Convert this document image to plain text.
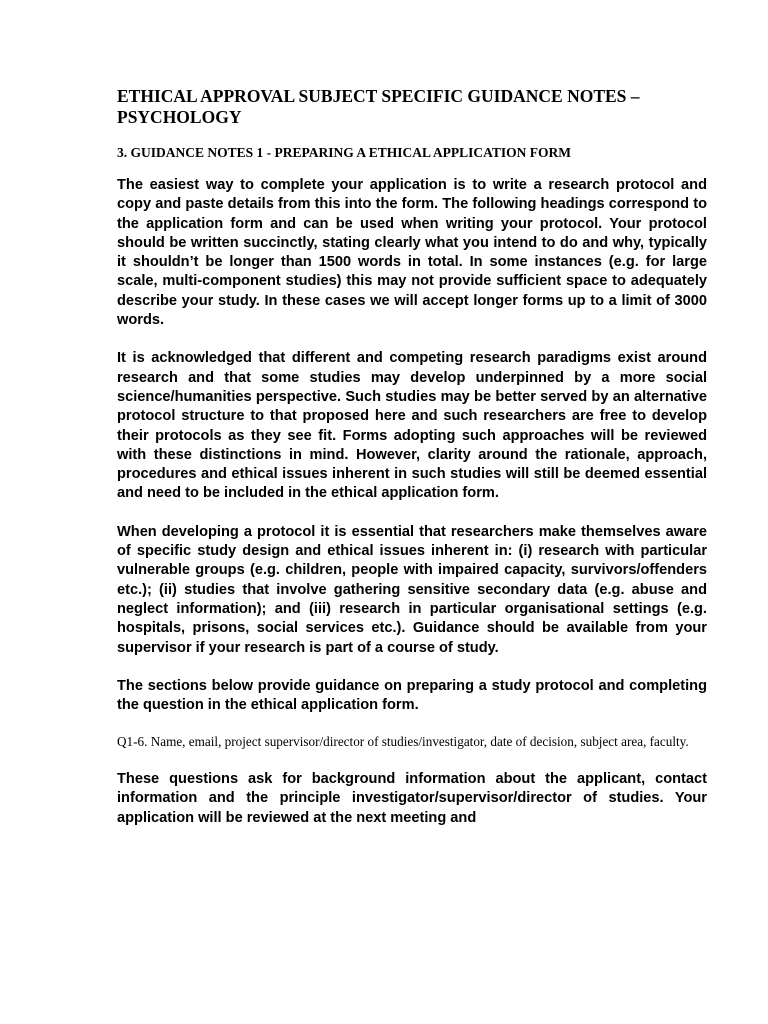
ETHICAL APPROVAL SUBJECT SPECIFIC GUIDANCE NOTES – PSYCHOLOGY
3. GUIDANCE NOTES 1 - PREPARING A ETHICAL APPLICATION FORM

The easiest way to complete your application is to write a research protocol and copy and paste details from this into the form. The following headings correspond to the application form and can be used when writing your protocol. Your protocol should be written succinctly, stating clearly what you intend to do and why, typically it shouldn’t be longer than 1500 words in total. In some instances (e.g. for large scale, multi-component studies) this may not provide sufficient space to adequately describe your study. In these cases we will accept longer forms up to a limit of 3000 words.

It is acknowledged that different and competing research paradigms exist around research and that some studies may develop underpinned by a more social science/humanities perspective. Such studies may be better served by an alternative protocol structure to that proposed here and such researchers are free to develop their protocols as they see fit. Forms adopting such approaches will be reviewed with these distinctions in mind. However, clarity around the rationale, approach, procedures and ethical issues inherent in such studies will still be deemed essential and need to be included in the ethical application form.

When developing a protocol it is essential that researchers make themselves aware of specific study design and ethical issues inherent in: (i) research with particular vulnerable groups (e.g. children, people with impaired capacity, survivors/offenders etc.); (ii) studies that involve gathering sensitive secondary data (e.g. abuse and neglect information); and (iii) research in particular organisational settings (e.g. hospitals, prisons, social services etc.). Guidance should be available from your supervisor if your research is part of a course of study.

The sections below provide guidance on preparing a study protocol and completing the question in the ethical application form.

Q1-6. Name, email, project supervisor/director of studies/investigator, date of decision, subject area, faculty.

These questions ask for background information about the applicant, contact information and the principle investigator/supervisor/director of studies. Your application will be reviewed at the next meeting and
